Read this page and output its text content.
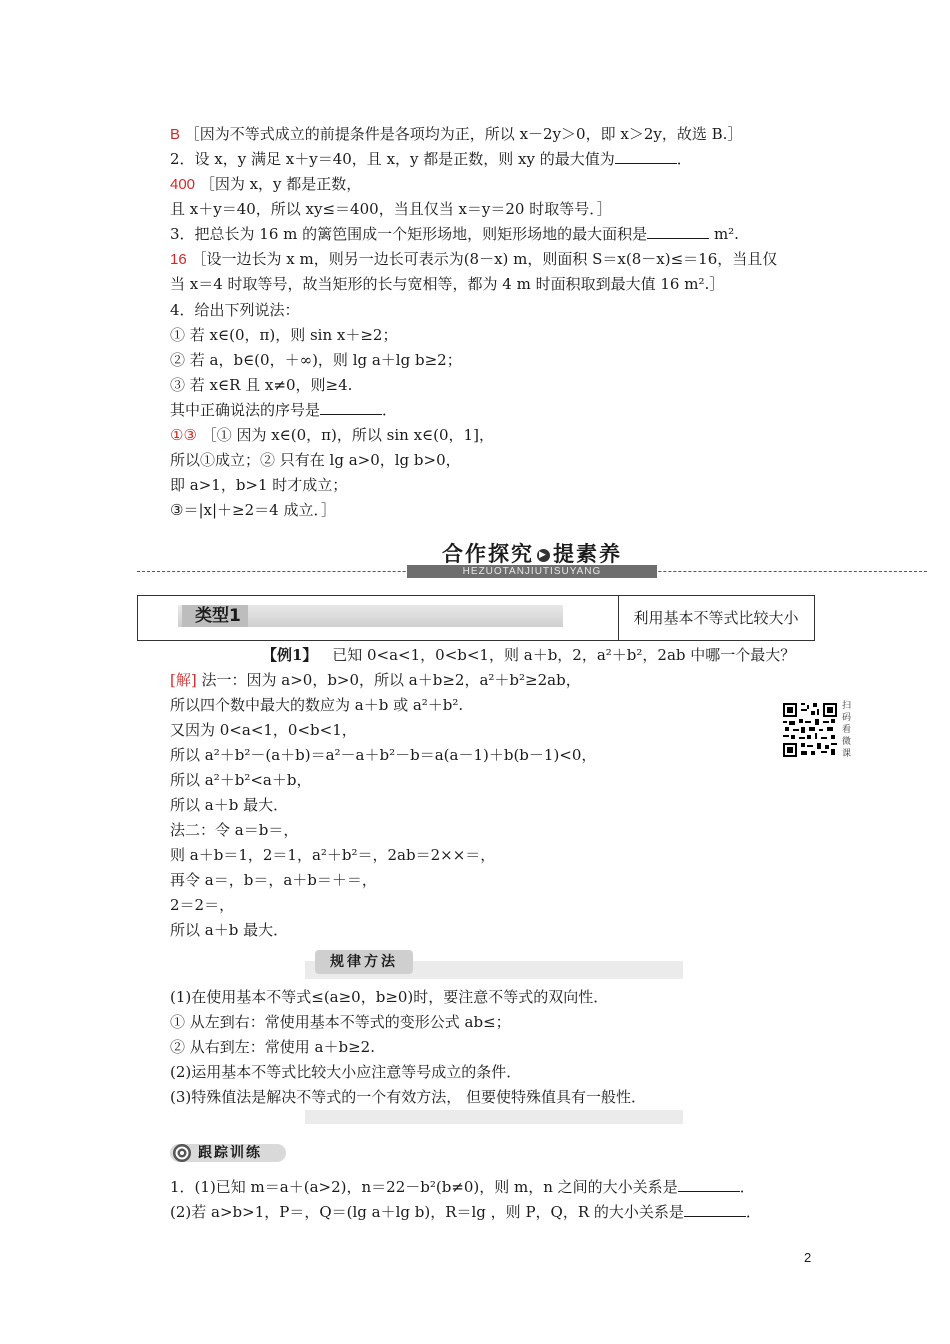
B ［因为不等式成立的前提条件是各项均为正，所以 x－2y＞0，即 x＞2y，故选 B.］
2．设 x，y 满足 x＋y＝40，且 x，y 都是正数，则 xy 的最大值为	．
400 ［因为 x，y 都是正数，
且 x＋y＝40，所以 xy≤＝400，当且仅当 x＝y＝20 时取等号．］
3．把总长为 16 m 的篱笆围成一个矩形场地，则矩形场地的最大面积是	m².
16 ［设一边长为 x m，则另一边长可表示为(8－x) m，则面积 S＝x(8－x)≤＝16，当且仅
当 x＝4 时取等号，故当矩形的长与宽相等，都为 4 m 时面积取到最大值 16 m².］
4．给出下列说法：
① 若 x∈(0，π)，则 sin x＋≥2；
② 若 a，b∈(0，＋∞)，则 lg a＋lg b≥2；
③ 若 x∈R 且 x≠0，则≥4.
其中正确说法的序号是	．
①③ ［① 因为 x∈(0，π)，所以 sin x∈(0，1]，
所以①成立；② 只有在 lg a>0，lg b>0，
即 a>1，b>1 时才成立；
③＝|x|＋≥2＝4 成立．］
HEZUOTANJIUTISUYANG
合作探究 ▶ 提素养
类型1	利用基本不等式比较大小
【例1】 已知 0<a<1，0<b<1，则 a＋b，2，a²＋b²，2ab 中哪一个最大？
[解] 法一：因为 a>0，b>0，所以 a＋b≥2，a²＋b²≥2ab，
所以四个数中最大的数应为 a＋b 或 a²＋b².
又因为 0<a<1，0<b<1，
所以 a²＋b²－(a＋b)＝a²－a＋b²－b＝a(a－1)＋b(b－1)<0，
所以 a²＋b²<a＋b，
所以 a＋b 最大．
法二：令 a＝b＝，
则 a＋b＝1，2＝1，a²＋b²＝，2ab＝2××＝，
再令 a＝，b＝，a＋b＝＋＝，
2＝2＝，
所以 a＋b 最大．
扫码看微课
规律方法
(1)在使用基本不等式≤(a≥0，b≥0)时，要注意不等式的双向性．
① 从左到右：常使用基本不等式的变形公式 ab≤；
② 从右到左：常使用 a＋b≥2.
(2)运用基本不等式比较大小应注意等号成立的条件．
(3)特殊值法是解决不等式的一个有效方法， 但要使特殊值具有一般性．
跟踪训练
1．(1)已知 m＝a＋(a>2)，n＝22－b²(b≠0)，则 m，n 之间的大小关系是	．
(2)若 a>b>1，P＝，Q＝(lg a＋lg b)，R＝lg ，则 P，Q，R 的大小关系是	．
2
